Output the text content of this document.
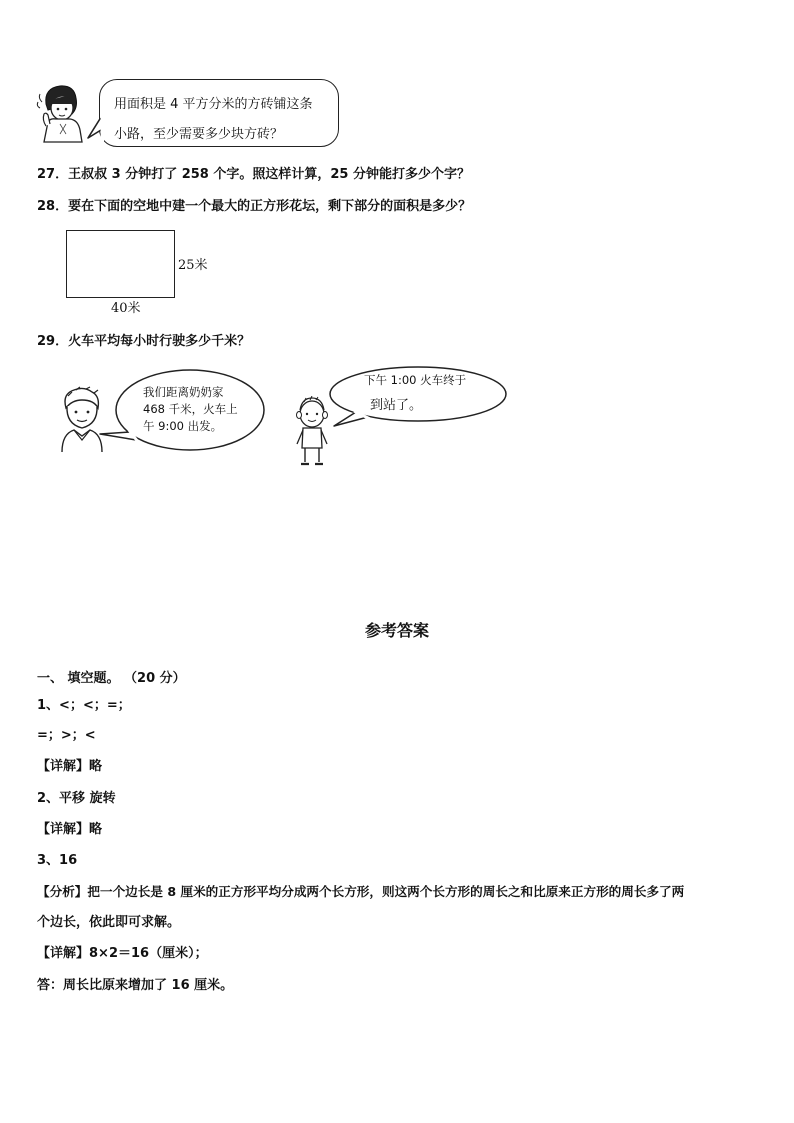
用面积是 4 平方分米的方砖铺这条
小路，至少需要多少块方砖？
27．王叔叔 3 分钟打了 258 个字。照这样计算，25 分钟能打多少个字？
28．要在下面的空地中建一个最大的正方形花坛，剩下部分的面积是多少？
25米
40米
29．火车平均每小时行驶多少千米？
我们距离奶奶家
468 千米，火车上
午 9:00 出发。
下午 1:00 火车终于
到站了。
参考答案
一、 填空题。 （20 分）
1、<；<；=；
=；>；<
【详解】略
2、平移 旋转
【详解】略
3、16
【分析】把一个边长是 8 厘米的正方形平均分成两个长方形，则这两个长方形的周长之和比原来正方形的周长多了两
个边长，依此即可求解。
【详解】8×2＝16（厘米）；
答：周长比原来增加了 16 厘米。
